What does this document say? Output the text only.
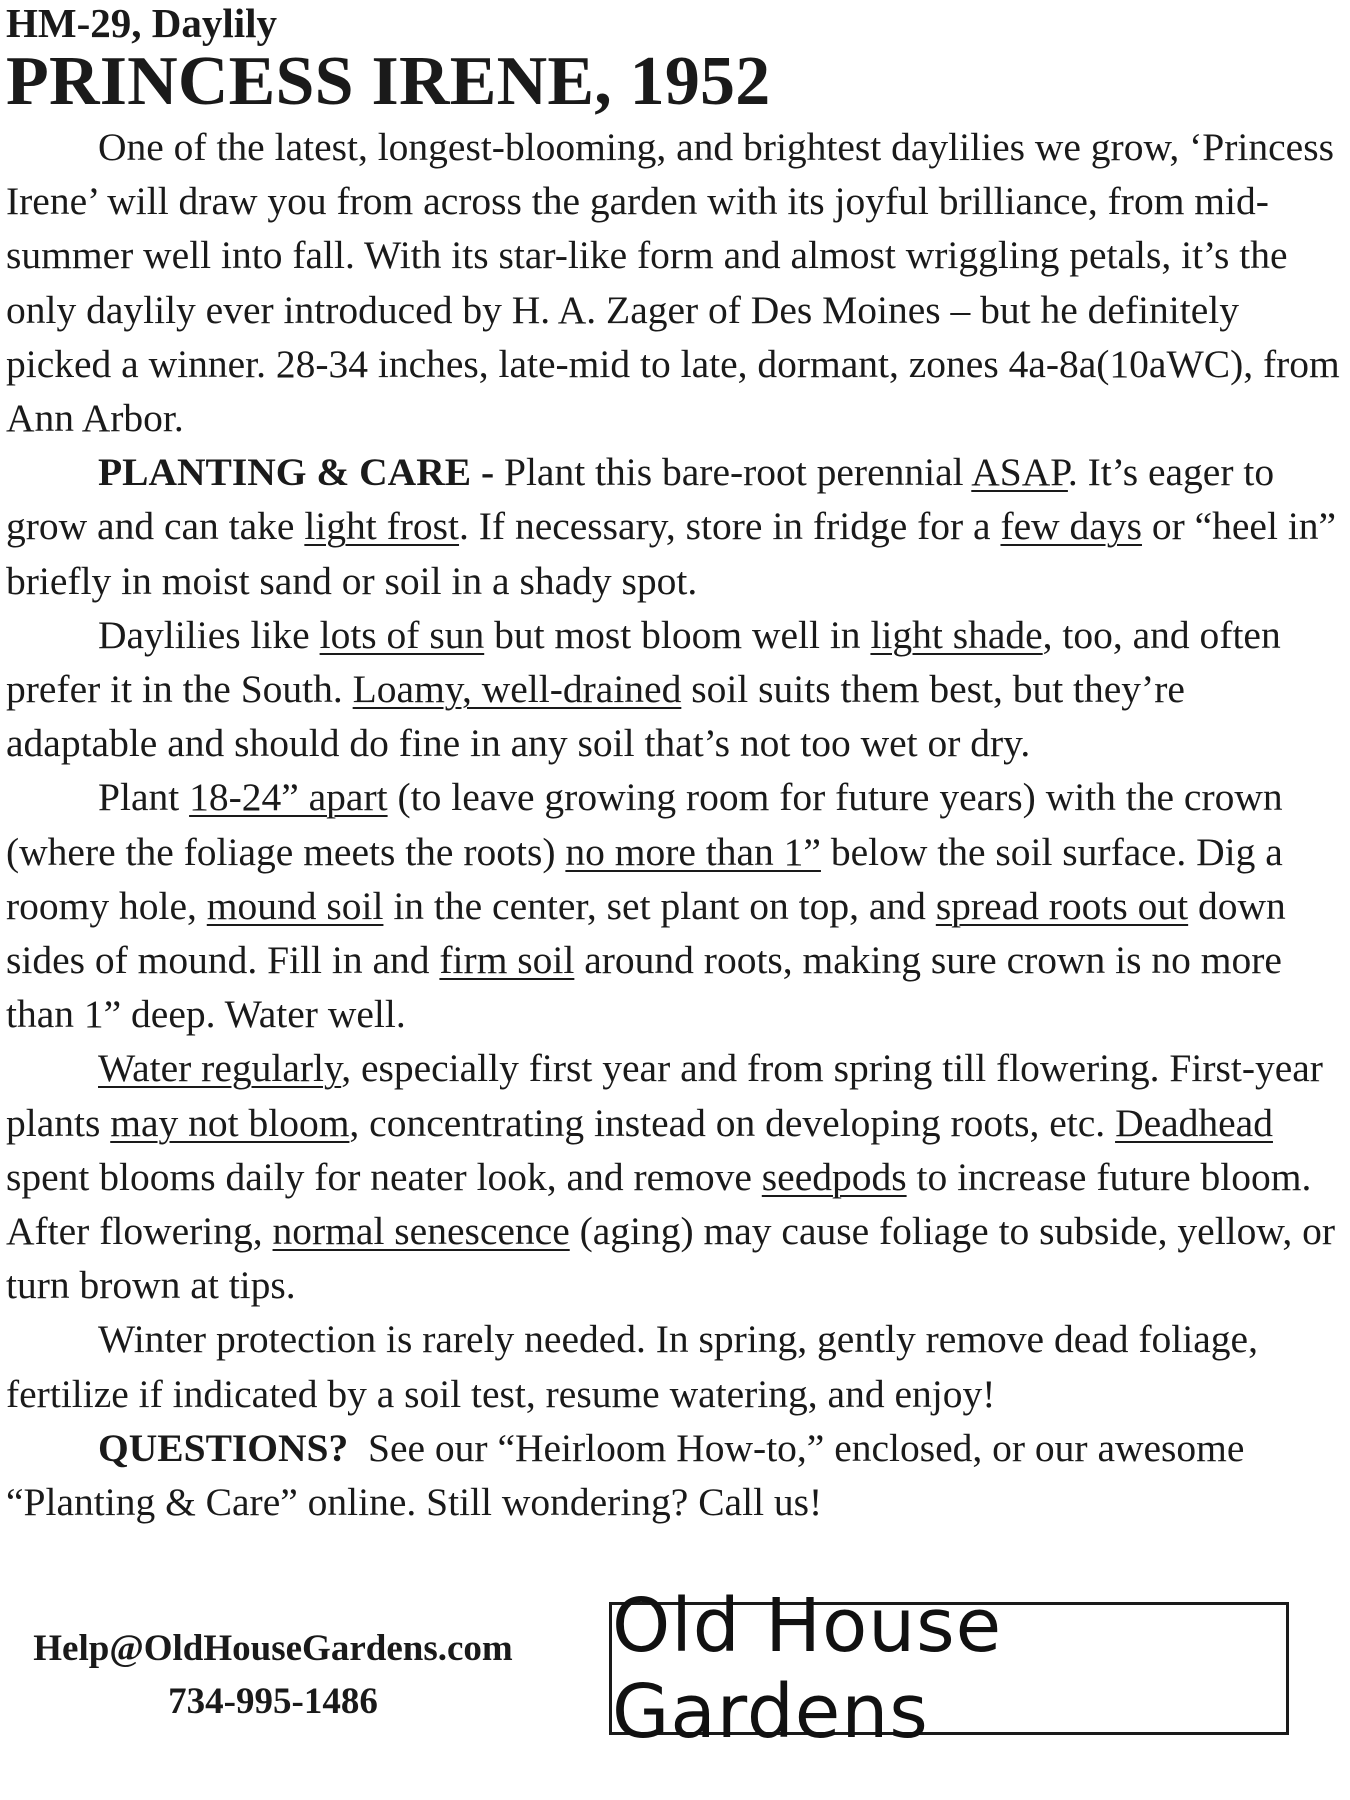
HM-29, Daylily
PRINCESS IRENE, 1952

One of the latest, longest-blooming, and brightest daylilies we grow, ‘Princess Irene’ will draw you from across the garden with its joyful brilliance, from mid-summer well into fall. With its star-like form and almost wriggling petals, it’s the only daylily ever introduced by H. A. Zager of Des Moines – but he definitely picked a winner. 28-34 inches, late-mid to late, dormant, zones 4a-8a(10aWC), from Ann Arbor.

PLANTING & CARE - Plant this bare-root perennial ASAP. It’s eager to grow and can take light frost. If necessary, store in fridge for a few days or “heel in” briefly in moist sand or soil in a shady spot.

Daylilies like lots of sun but most bloom well in light shade, too, and often prefer it in the South. Loamy, well-drained soil suits them best, but they’re adaptable and should do fine in any soil that’s not too wet or dry.

Plant 18-24” apart (to leave growing room for future years) with the crown (where the foliage meets the roots) no more than 1” below the soil surface. Dig a roomy hole, mound soil in the center, set plant on top, and spread roots out down sides of mound. Fill in and firm soil around roots, making sure crown is no more than 1” deep. Water well.

Water regularly, especially first year and from spring till flowering. First-year plants may not bloom, concentrating instead on developing roots, etc. Deadhead spent blooms daily for neater look, and remove seedpods to increase future bloom. After flowering, normal senescence (aging) may cause foliage to subside, yellow, or turn brown at tips.

Winter protection is rarely needed. In spring, gently remove dead foliage, fertilize if indicated by a soil test, resume watering, and enjoy!

QUESTIONS?  See our “Heirloom How-to,” enclosed, or our awesome “Planting & Care” online. Still wondering? Call us!

Help@OldHouseGardens.com
734-995-1486
Old House Gardens
